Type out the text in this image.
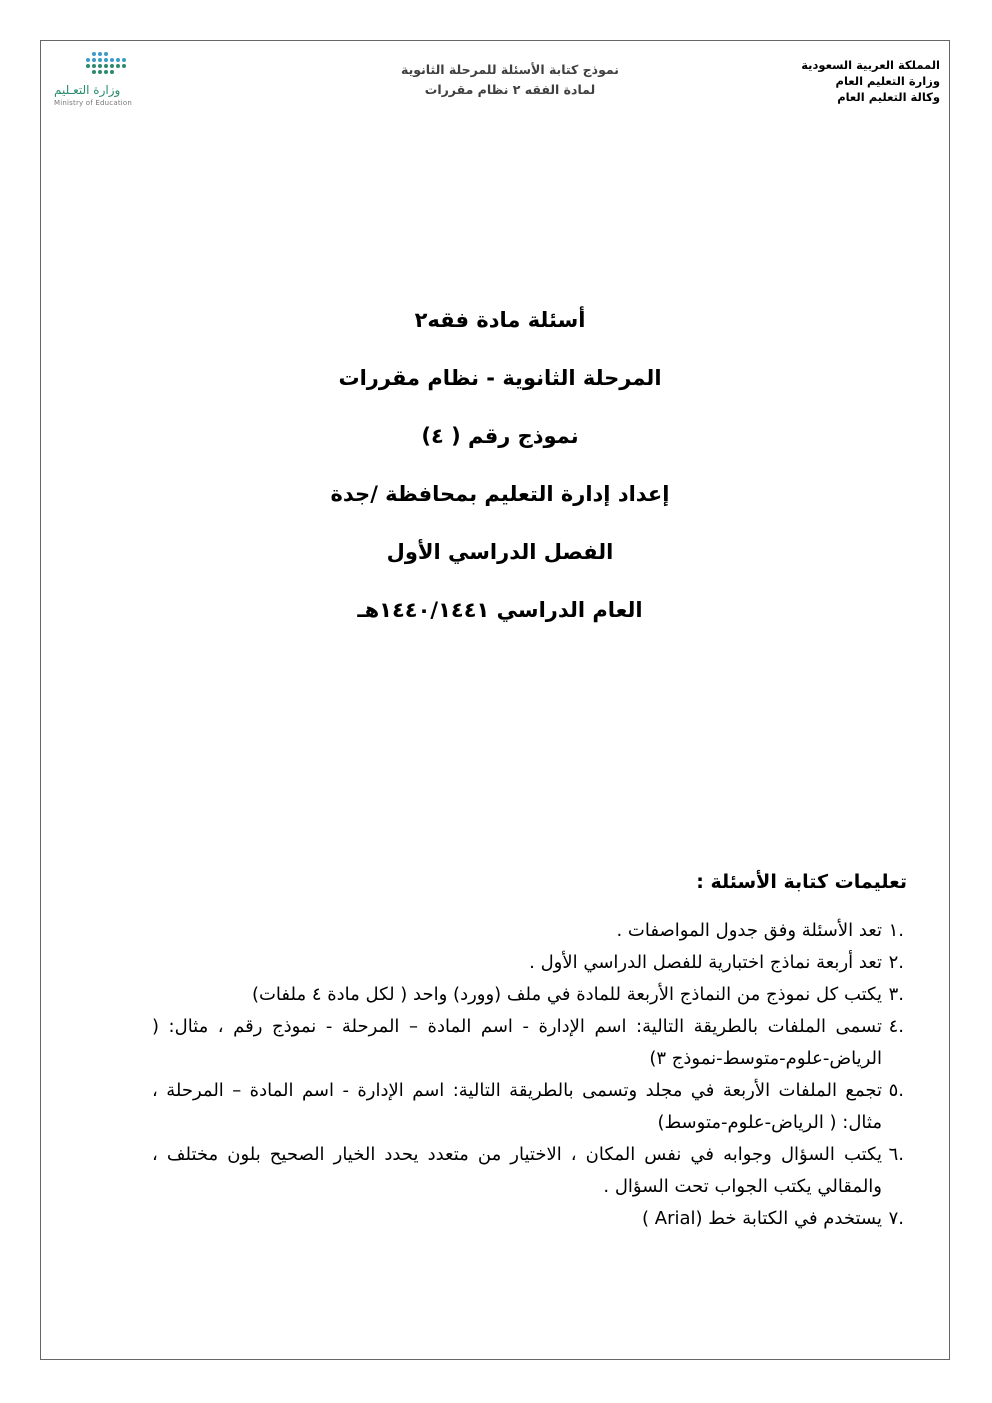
المملكة العربية السعودية
وزارة التعليم العام
وكالة التعليم العام
نموذج كتابة الأسئلة للمرحلة الثانوية
لمادة الفقه ٢ نظام مقررات
وزارة التعـليم
Ministry of Education
أسئلة مادة فقه٢
المرحلة الثانوية - نظام مقررات
نموذج رقم ( ٤)
إعداد إدارة التعليم بمحافظة /جدة
الفصل الدراسي الأول
العام الدراسي ١٤٤٠/١٤٤١هـ
تعليمات كتابة الأسئلة :
.١
تعد الأسئلة وفق جدول المواصفات .
.٢
تعد أربعة نماذج اختبارية للفصل الدراسي الأول .
.٣
يكتب كل نموذج من النماذج الأربعة للمادة في ملف (وورد) واحد ( لكل مادة ٤ ملفات)
.٤
تسمى الملفات بالطريقة التالية: اسم الإدارة - اسم المادة – المرحلة - نموذج رقم ، مثال: ( الرياض-علوم-متوسط-نموذج ٣)
.٥
تجمع الملفات الأربعة في مجلد وتسمى بالطريقة التالية: اسم الإدارة - اسم المادة – المرحلة ، مثال: ( الرياض-علوم-متوسط)
.٦
يكتب السؤال وجوابه في نفس المكان ، الاختيار من متعدد يحدد الخيار الصحيح بلون مختلف ، والمقالي يكتب الجواب تحت السؤال .
.٧
يستخدم في الكتابة خط (Arial )
